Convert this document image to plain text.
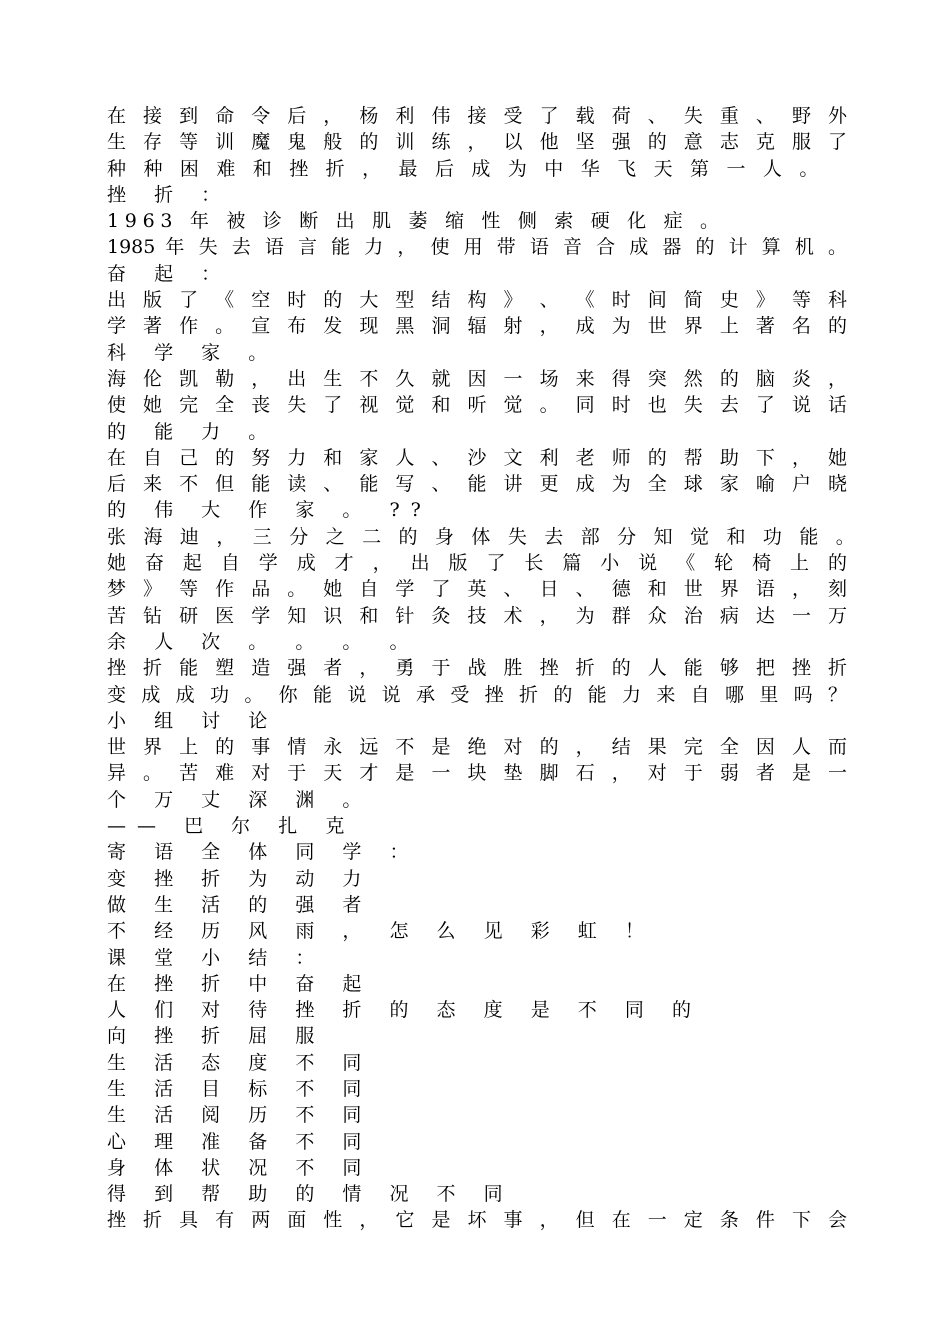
在 接 到 命 令 后 ， 杨 利 伟 接 受 了 载 荷 、 失 重 、 野 外
生 存 等 训 魔 鬼 般 的 训 练 ， 以 他 坚 强 的 意 志 克 服 了
种 种 困 难 和 挫 折 ， 最 后 成 为 中 华 飞 天 第 一 人 。
挫 折 ：
1963 年 被 诊 断 出 肌 萎 缩 性 侧 索 硬 化 症 。
1985 年 失 去 语 言 能 力 ， 使 用 带 语 音 合 成 器 的 计 算 机 。
奋 起 ：
出 版 了 《 空 时 的 大 型 结 构 》 、 《 时 间 简 史 》 等 科
学 著 作 。 宣 布 发 现 黑 洞 辐 射 ， 成 为 世 界 上 著 名 的
科 学 家 。
海 伦 凯 勒 ， 出 生 不 久 就 因 一 场 来 得 突 然 的 脑 炎 ，
使 她 完 全 丧 失 了 视 觉 和 听 觉 。 同 时 也 失 去 了 说 话
的 能 力 。
在 自 己 的 努 力 和 家 人 、 沙 文 利 老 师 的 帮 助 下 ， 她
后 来 不 但 能 读 、 能 写 、 能 讲 更 成 为 全 球 家 喻 户 晓
的 伟 大 作 家 。 ??
张 海 迪 ， 三 分 之 二 的 身 体 失 去 部 分 知 觉 和 功 能 。
她 奋 起 自 学 成 才 ， 出 版 了 长 篇 小 说 《 轮 椅 上 的
梦 》 等 作 品 。 她 自 学 了 英 、 日 、 德 和 世 界 语 ， 刻
苦 钻 研 医 学 知 识 和 针 灸 技 术 ， 为 群 众 治 病 达 一 万
余 人 次 。 。 。 。
挫 折 能 塑 造 强 者 ， 勇 于 战 胜 挫 折 的 人 能 够 把 挫 折
变 成 成 功 。 你 能 说 说 承 受 挫 折 的 能 力 来 自 哪 里 吗 ？
小 组 讨 论
世 界 上 的 事 情 永 远 不 是 绝 对 的 ， 结 果 完 全 因 人 而
异 。 苦 难 对 于 天 才 是 一 块 垫 脚 石 ， 对 于 弱 者 是 一
个 万 丈 深 渊 。
—— 巴 尔 扎 克
寄 语 全 体 同 学 ：
变 挫 折 为 动 力
做 生 活 的 强 者
不 经 历 风 雨 ， 怎 么 见 彩 虹 ！
课 堂 小 结 ：
在 挫 折 中 奋 起
人 们 对 待 挫 折 的 态 度 是 不 同 的
向 挫 折 屈 服
生 活 态 度 不 同
生 活 目 标 不 同
生 活 阅 历 不 同
心 理 准 备 不 同
身 体 状 况 不 同
得 到 帮 助 的 情 况 不 同
挫 折 具 有 两 面 性 ， 它 是 坏 事 ， 但 在 一 定 条 件 下 会
